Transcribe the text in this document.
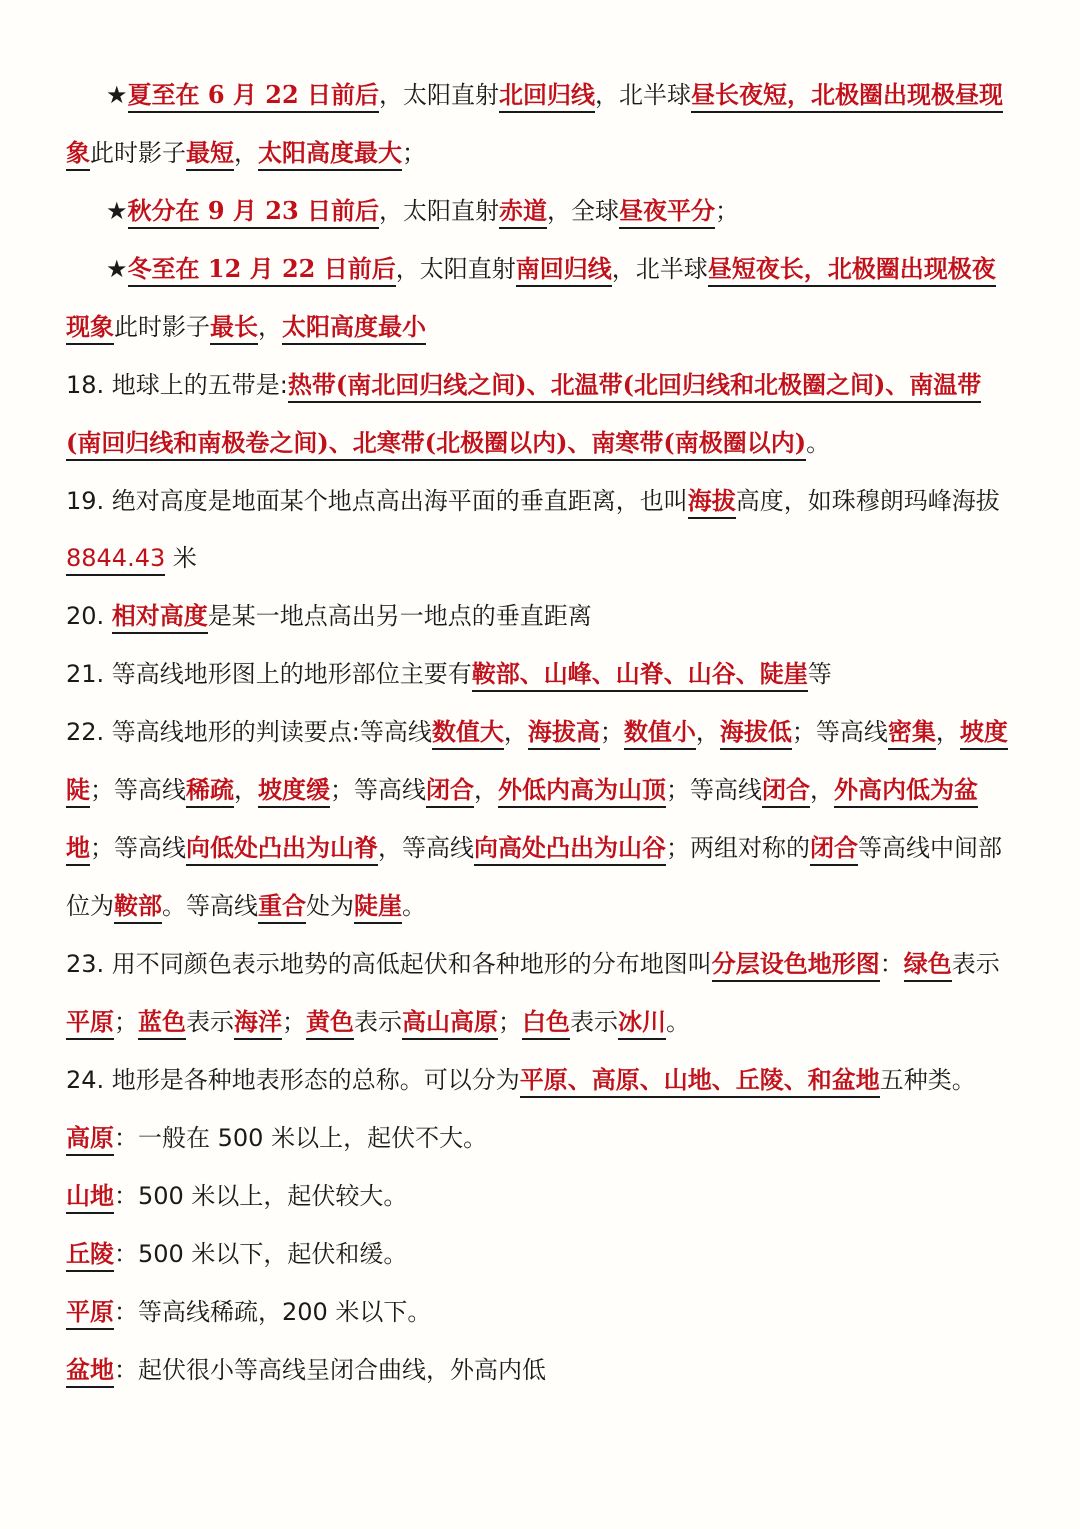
★夏至在 6 月 22 日前后，太阳直射北回归线，北半球昼长夜短，北极圈出现极昼现象此时影子最短，太阳高度最大；

★秋分在 9 月 23 日前后，太阳直射赤道，全球昼夜平分；

★冬至在 12 月 22 日前后，太阳直射南回归线，北半球昼短夜长，北极圈出现极夜现象此时影子最长，太阳高度最小

18. 地球上的五带是:热带(南北回归线之间)、北温带(北回归线和北极圈之间)、南温带(南回归线和南极卷之间)、北寒带(北极圈以内)、南寒带(南极圈以内)。

19. 绝对高度是地面某个地点高出海平面的垂直距离，也叫海拔高度，如珠穆朗玛峰海拔 8844.43 米

20. 相对高度是某一地点高出另一地点的垂直距离

21. 等高线地形图上的地形部位主要有鞍部、山峰、山脊、山谷、陡崖等

22. 等高线地形的判读要点:等高线数值大，海拔高；数值小，海拔低；等高线密集，坡度陡；等高线稀疏，坡度缓；等高线闭合，外低内高为山顶；等高线闭合，外高内低为盆地；等高线向低处凸出为山脊，等高线向高处凸出为山谷；两组对称的闭合等高线中间部位为鞍部。等高线重合处为陡崖。

23. 用不同颜色表示地势的高低起伏和各种地形的分布地图叫分层设色地形图：绿色表示平原；蓝色表示海洋；黄色表示高山高原；白色表示冰川。

24. 地形是各种地表形态的总称。可以分为平原、高原、山地、丘陵、和盆地五种类。

高原：一般在 500 米以上，起伏不大。

山地：500 米以上，起伏较大。

丘陵：500 米以下，起伏和缓。

平原：等高线稀疏，200 米以下。

盆地：起伏很小等高线呈闭合曲线，外高内低
